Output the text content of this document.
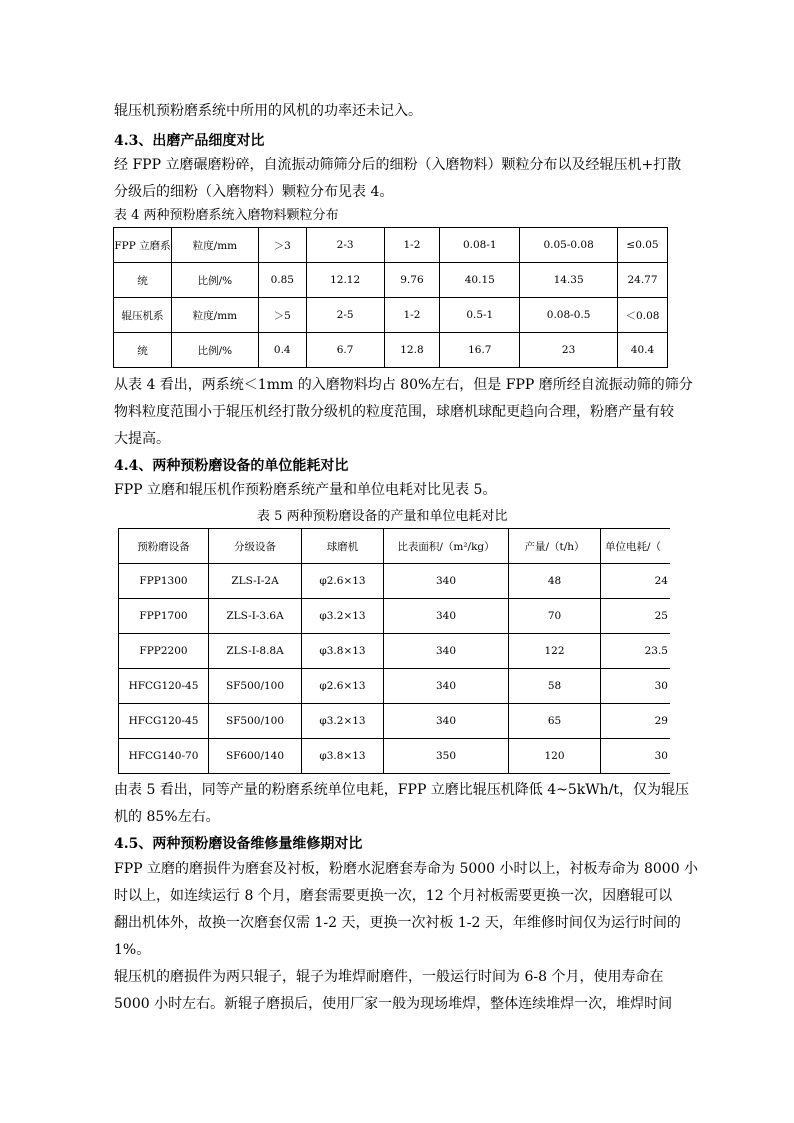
辊压机预粉磨系统中所用的风机的功率还未记入。
4.3、出磨产品细度对比
经 FPP 立磨碾磨粉碎，自流振动筛筛分后的细粉（入磨物料）颗粒分布以及经辊压机+打散
分级后的细粉（入磨物料）颗粒分布见表 4。
表 4 两种预粉磨系统入磨物料颗粒分布
FPP 立磨系	粒度/mm	＞3	2-3	1-2	0.08-1	0.05-0.08	≤0.05
统	比例/%	0.85	12.12	9.76	40.15	14.35	24.77
辊压机系	粒度/mm	＞5	2-5	1-2	0.5-1	0.08-0.5	＜0.08
统	比例/%	0.4	6.7	12.8	16.7	23	40.4
从表 4 看出，两系统＜1mm 的入磨物料均占 80%左右，但是 FPP 磨所经自流振动筛的筛分
物料粒度范围小于辊压机经打散分级机的粒度范围，球磨机球配更趋向合理，粉磨产量有较
大提高。
4.4、两种预粉磨设备的单位能耗对比
FPP 立磨和辊压机作预粉磨系统产量和单位电耗对比见表 5。
表 5 两种预粉磨设备的产量和单位电耗对比
预粉磨设备	分级设备	球磨机	比表面积/（m²/kg）	产量/（t/h）	单位电耗/（
FPP1300	ZLS-I-2A	φ2.6×13	340	48	24
FPP1700	ZLS-I-3.6A	φ3.2×13	340	70	25
FPP2200	ZLS-I-8.8A	φ3.8×13	340	122	23.5
HFCG120-45	SF500/100	φ2.6×13	340	58	30
HFCG120-45	SF500/100	φ3.2×13	340	65	29
HFCG140-70	SF600/140	φ3.8×13	350	120	30
由表 5 看出，同等产量的粉磨系统单位电耗，FPP 立磨比辊压机降低 4~5kWh/t，仅为辊压
机的 85%左右。
4.5、两种预粉磨设备维修量维修期对比
FPP 立磨的磨损件为磨套及衬板，粉磨水泥磨套寿命为 5000 小时以上，衬板寿命为 8000 小
时以上，如连续运行 8 个月，磨套需要更换一次，12 个月衬板需要更换一次，因磨辊可以
翻出机体外，故换一次磨套仅需 1-2 天，更换一次衬板 1-2 天，年维修时间仅为运行时间的
1%。
辊压机的磨损件为两只辊子，辊子为堆焊耐磨件，一般运行时间为 6-8 个月，使用寿命在
5000 小时左右。新辊子磨损后，使用厂家一般为现场堆焊，整体连续堆焊一次，堆焊时间
